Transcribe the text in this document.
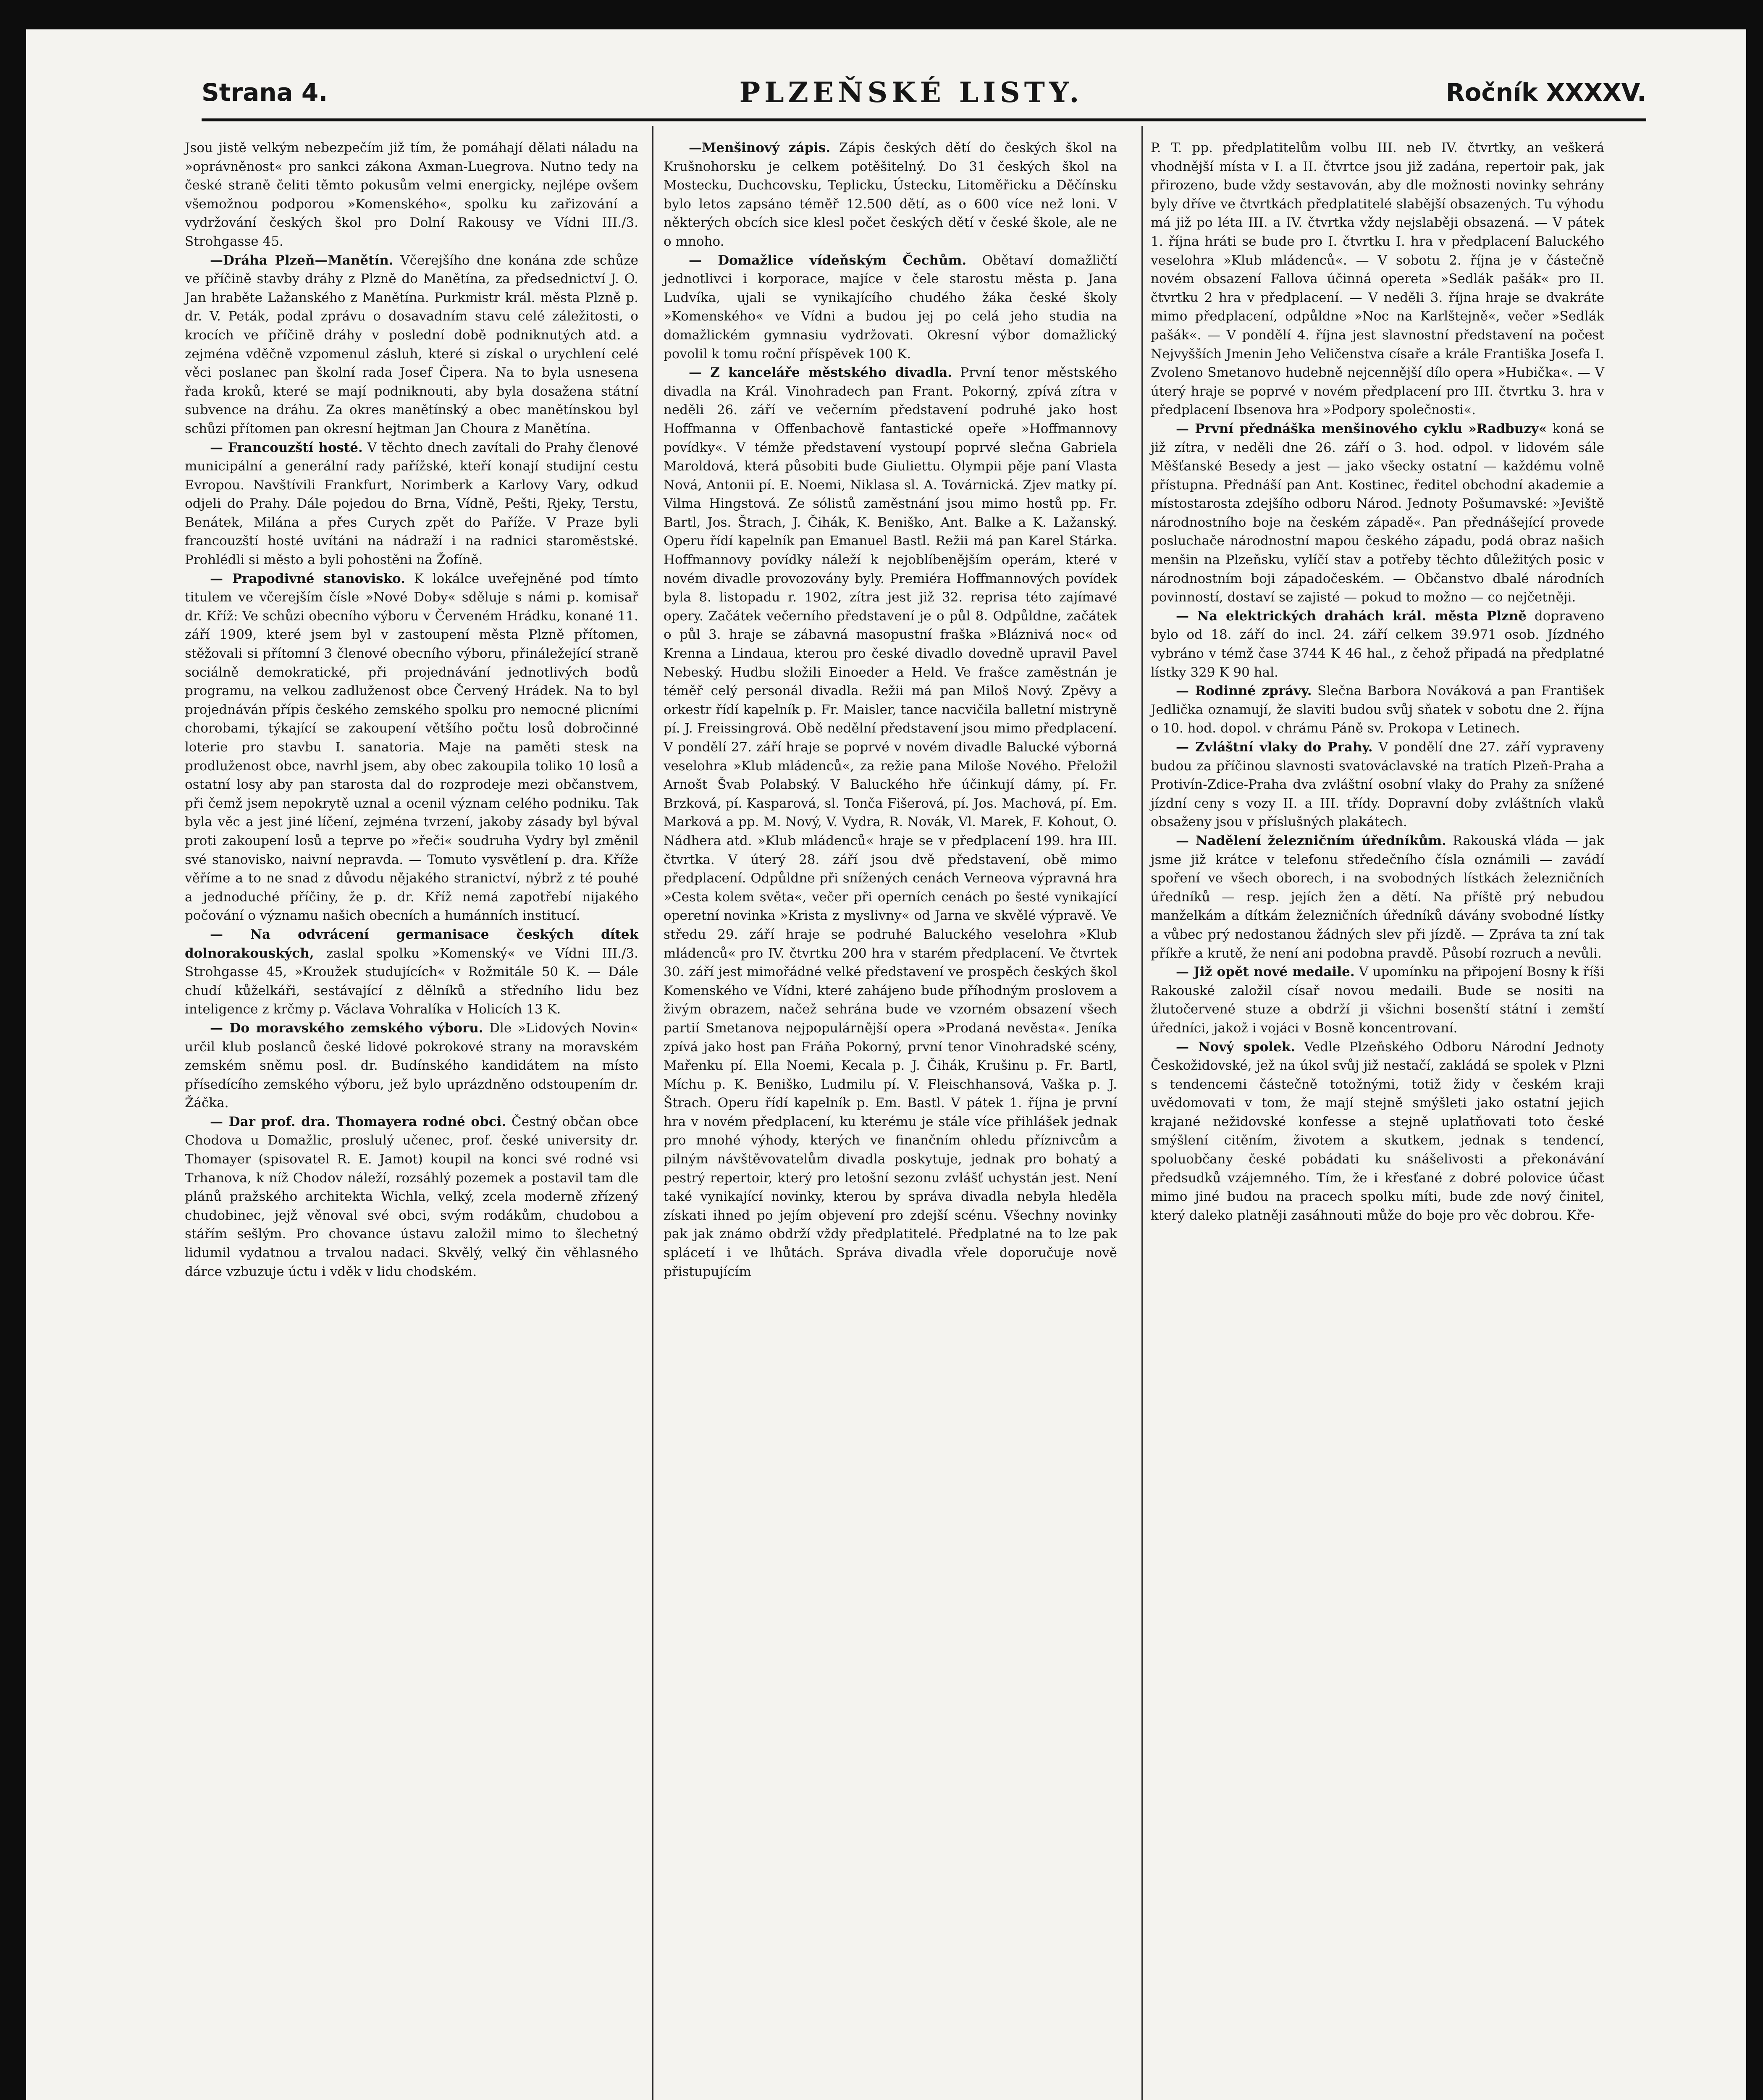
Strana 4.	PLZEŇSKÉ LISTY.	Ročník XXXXV.

Jsou jistě velkým nebezpečím již tím, že pomáhají dělati náladu na »oprávněnost« pro sankci zákona Axman-Luegrova. Nutno tedy na české straně čeliti těmto pokusům velmi energicky, nejlépe ovšem všemožnou podporou »Komenského«, spolku ku zařizování a vydržování českých škol pro Dolní Rakousy ve Vídni III./3. Strohgasse 45.

—Dráha Plzeň—Manětín. Včerejšího dne konána zde schůze ve příčině stavby dráhy z Plzně do Manětína, za předsednictví J. O. Jan hraběte Lažanského z Manětína. Purkmistr král. města Plzně p. dr. V. Peták, podal zprávu o dosavadním stavu celé záležitosti, o krocích ve příčině dráhy v poslední době podniknutých atd. a zejména vděčně vzpomenul zásluh, které si získal o urychlení celé věci poslanec pan školní rada Josef Čipera. Na to byla usnesena řada kroků, které se mají podniknouti, aby byla dosažena státní subvence na dráhu. Za okres manětínský a obec manětínskou byl schůzi přítomen pan okresní hejtman Jan Choura z Manětína.

— Francouzští hosté. V těchto dnech zavítali do Prahy členové municipální a generální rady pařížské, kteří konají studijní cestu Evropou. Navštívili Frankfurt, Norimberk a Karlovy Vary, odkud odjeli do Prahy. Dále pojedou do Brna, Vídně, Pešti, Rjeky, Terstu, Benátek, Milána a přes Curych zpět do Paříže. V Praze byli francouzští hosté uvítáni na nádraží i na radnici staroměstské. Prohlédli si město a byli pohostěni na Žofíně.

— Prapodivné stanovisko. K lokálce uveřejněné pod tímto titulem ve včerejším čísle »Nové Doby« sděluje s námi p. komisař dr. Kříž: Ve schůzi obecního výboru v Červeném Hrádku, konané 11. září 1909, které jsem byl v zastoupení města Plzně přítomen, stěžovali si přítomní 3 členové obecního výboru, přináležející straně sociálně demokratické, při projednávání jednotlivých bodů programu, na velkou zadluženost obce Červený Hrádek. Na to byl projednáván přípis českého zemského spolku pro nemocné plicními chorobami, týkající se zakoupení většího počtu losů dobročinné loterie pro stavbu I. sanatoria. Maje na paměti stesk na prodluženost obce, navrhl jsem, aby obec zakoupila toliko 10 losů a ostatní losy aby pan starosta dal do rozprodeje mezi občanstvem, při čemž jsem nepokrytě uznal a ocenil význam celého podniku. Tak byla věc a jest jiné líčení, zejména tvrzení, jakoby zásady byl býval proti zakoupení losů a teprve po »řeči« soudruha Vydry byl změnil své stanovisko, naivní nepravda. — Tomuto vysvětlení p. dra. Kříže věříme a to ne snad z důvodu nějakého stranictví, nýbrž z té pouhé a jednoduché příčiny, že p. dr. Kříž nemá zapotřebí nijakého počování o významu našich obecních a humánních institucí.

— Na odvrácení germanisace českých dítek dolnorakouských, zaslal spolku »Komenský« ve Vídni III./3. Strohgasse 45, »Kroužek studujících« v Rožmitále 50 K. — Dále chudí kůželkáři, sestávající z dělníků a středního lidu bez inteligence z krčmy p. Václava Vohralíka v Holicích 13 K.

— Do moravského zemského výboru. Dle »Lidových Novin« určil klub poslanců české lidové pokrokové strany na moravském zemském sněmu posl. dr. Budínského kandidátem na místo přísedícího zemského výboru, jež bylo uprázdněno odstoupením dr. Žáčka.

— Dar prof. dra. Thomayera rodné obci. Čestný občan obce Chodova u Domažlic, proslulý učenec, prof. české university dr. Thomayer (spisovatel R. E. Jamot) koupil na konci své rodné vsi Trhanova, k níž Chodov náleží, rozsáhlý pozemek a postavil tam dle plánů pražského architekta Wichla, velký, zcela moderně zřízený chudobinec, jejž věnoval své obci, svým rodákům, chudobou a stářím sešlým. Pro chovance ústavu založil mimo to šlechetný lidumil vydatnou a trvalou nadaci. Skvělý, velký čin věhlasného dárce vzbuzuje úctu i vděk v lidu chodském.

—Menšinový zápis. Zápis českých dětí do českých škol na Krušnohorsku je celkem potěšitelný. Do 31 českých škol na Mostecku, Duchcovsku, Teplicku, Ústecku, Litoměřicku a Děčínsku bylo letos zapsáno téměř 12.500 dětí, as o 600 více než loni. V některých obcích sice klesl počet českých dětí v české škole, ale ne o mnoho.

— Domažlice vídeňským Čechům. Obětaví domažličtí jednotlivci i korporace, majíce v čele starostu města p. Jana Ludvíka, ujali se vynikajícího chudého žáka české školy »Komenského« ve Vídni a budou jej po celá jeho studia na domažlickém gymnasiu vydržovati. Okresní výbor domažlický povolil k tomu roční příspěvek 100 K.

— Z kanceláře městského divadla. První tenor městského divadla na Král. Vinohradech pan Frant. Pokorný, zpívá zítra v neděli 26. září ve večerním představení podruhé jako host Hoffmanna v Offenbachově fantastické opeře »Hoffmannovy povídky«. V témže představení vystoupí poprvé slečna Gabriela Maroldová, která působiti bude Giuliettu. Olympii pěje paní Vlasta Nová, Antonii pí. E. Noemi, Niklasa sl. A. Továrnická. Zjev matky pí. Vilma Hingstová. Ze sólistů zaměstnání jsou mimo hostů pp. Fr. Bartl, Jos. Štrach, J. Čihák, K. Beniško, Ant. Balke a K. Lažanský. Operu řídí kapelník pan Emanuel Bastl. Režii má pan Karel Stárka. Hoffmannovy povídky náleží k nejoblíbenějším operám, které v novém divadle provozovány byly. Premiéra Hoffmannových povídek byla 8. listopadu r. 1902, zítra jest již 32. reprisa této zajímavé opery. Začátek večerního představení je o půl 8. Odpůldne, začátek o půl 3. hraje se zábavná masopustní fraška »Bláznivá noc« od Krenna a Lindaua, kterou pro české divadlo dovedně upravil Pavel Nebeský. Hudbu složili Einoeder a Held. Ve frašce zaměstnán je téměř celý personál divadla. Režii má pan Miloš Nový. Zpěvy a orkestr řídí kapelník p. Fr. Maisler, tance nacvičila balletní mistryně pí. J. Freissingrová. Obě nedělní představení jsou mimo předplacení. V pondělí 27. září hraje se poprvé v novém divadle Balucké výborná veselohra »Klub mládenců«, za režie pana Miloše Nového. Přeložil Arnošt Švab Polabský. V Baluckého hře účinkují dámy, pí. Fr. Brzková, pí. Kasparová, sl. Tonča Fišerová, pí. Jos. Machová, pí. Em. Marková a pp. M. Nový, V. Vydra, R. Novák, Vl. Marek, F. Kohout, O. Nádhera atd. »Klub mládenců« hraje se v předplacení 199. hra III. čtvrtka. V úterý 28. září jsou dvě představení, obě mimo předplacení. Odpůldne při snížených cenách Verneova výpravná hra »Cesta kolem světa«, večer při operních cenách po šesté vynikající operetní novinka »Krista z myslivny« od Jarna ve skvělé výpravě. Ve středu 29. září hraje se podruhé Baluckého veselohra »Klub mládenců« pro IV. čtvrtku 200 hra v starém předplacení. Ve čtvrtek 30. září jest mimořádné velké představení ve prospěch českých škol Komenského ve Vídni, které zahájeno bude příhodným proslovem a živým obrazem, načež sehrána bude ve vzorném obsazení všech partií Smetanova nejpopulárnější opera »Prodaná nevěsta«. Jeníka zpívá jako host pan Fráňa Pokorný, první tenor Vinohradské scény, Mařenku pí. Ella Noemi, Kecala p. J. Čihák, Krušinu p. Fr. Bartl, Míchu p. K. Beniško, Ludmilu pí. V. Fleischhansová, Vaška p. J. Štrach. Operu řídí kapelník p. Em. Bastl. V pátek 1. října je první hra v novém předplacení, ku kterému je stále více přihlášek jednak pro mnohé výhody, kterých ve finančním ohledu příznivcům a pilným návštěvovatelům divadla poskytuje, jednak pro bohatý a pestrý repertoir, který pro letošní sezonu zvlášť uchystán jest. Není také vynikající novinky, kterou by správa divadla nebyla hleděla získati ihned po jejím objevení pro zdejší scénu. Všechny novinky pak jak známo obdrží vždy předplatitelé. Předplatné na to lze pak splácetí i ve lhůtách. Správa divadla vřele doporučuje nově přistupujícím

P. T. pp. předplatitelům volbu III. neb IV. čtvrtky, an veškerá vhodnější místa v I. a II. čtvrtce jsou již zadána, repertoir pak, jak přirozeno, bude vždy sestavován, aby dle možnosti novinky sehrány byly dříve ve čtvrtkách předplatitelé slabější obsazených. Tu výhodu má již po léta III. a IV. čtvrtka vždy nejslaběji obsazená. — V pátek 1. října hráti se bude pro I. čtvrtku I. hra v předplacení Baluckého veselohra »Klub mládenců«. — V sobotu 2. října je v částečně novém obsazení Fallova účinná opereta »Sedlák pašák« pro II. čtvrtku 2 hra v předplacení. — V neděli 3. října hraje se dvakráte mimo předplacení, odpůldne »Noc na Karlštejně«, večer »Sedlák pašák«. — V pondělí 4. října jest slavnostní představení na počest Nejvyšších Jmenin Jeho Veličenstva císaře a krále Františka Josefa I. Zvoleno Smetanovo hudebně nejcennější dílo opera »Hubička«. — V úterý hraje se poprvé v novém předplacení pro III. čtvrtku 3. hra v předplacení Ibsenova hra »Podpory společnosti«.

— První přednáška menšinového cyklu »Radbuzy« koná se již zítra, v neděli dne 26. září o 3. hod. odpol. v lidovém sále Měšťanské Besedy a jest — jako všecky ostatní — každému volně přístupna. Přednáší pan Ant. Kostinec, ředitel obchodní akademie a místostarosta zdejšího odboru Národ. Jednoty Pošumavské: »Jeviště národnostního boje na českém západě«. Pan přednášející provede posluchače národnostní mapou českého západu, podá obraz našich menšin na Plzeňsku, vylíčí stav a potřeby těchto důležitých posic v národnostním boji západočeském. — Občanstvo dbalé národních povinností, dostaví se zajisté — pokud to možno — co nejčetněji.

— Na elektrických drahách král. města Plzně dopraveno bylo od 18. září do incl. 24. září celkem 39.971 osob. Jízdného vybráno v témž čase 3744 K 46 hal., z čehož připadá na předplatné lístky 329 K 90 hal.

— Rodinné zprávy. Slečna Barbora Nováková a pan František Jedlička oznamují, že slaviti budou svůj sňatek v sobotu dne 2. října o 10. hod. dopol. v chrámu Páně sv. Prokopa v Letinech.

— Zvláštní vlaky do Prahy. V pondělí dne 27. září vypraveny budou za příčinou slavnosti svatováclavské na tratích Plzeň-Praha a Protivín-Zdice-Praha dva zvláštní osobní vlaky do Prahy za snížené jízdní ceny s vozy II. a III. třídy. Dopravní doby zvláštních vlaků obsaženy jsou v příslušných plakátech.

— Nadělení železničním úředníkům. Rakouská vláda — jak jsme již krátce v telefonu středečního čísla oznámili — zavádí spoření ve všech oborech, i na svobodných lístkách železničních úředníků — resp. jejích žen a dětí. Na příště prý nebudou manželkám a dítkám železničních úředníků dávány svobodné lístky a vůbec prý nedostanou žádných slev při jízdě. — Zpráva ta zní tak příkře a krutě, že není ani podobna pravdě. Působí rozruch a nevůli.

— Již opět nové medaile. V upomínku na připojení Bosny k říši Rakouské založil císař novou medaili. Bude se nositi na žlutočervené stuze a obdrží ji všichni bosenští státní i zemští úředníci, jakož i vojáci v Bosně koncentrovaní.

— Nový spolek. Vedle Plzeňského Odboru Národní Jednoty Českožidovské, jež na úkol svůj již nestačí, zakládá se spolek v Plzni s tendencemi částečně totožnými, totiž židy v českém kraji uvědomovati v tom, že mají stejně smýšleti jako ostatní jejich krajané nežidovské konfesse a stejně uplatňovati toto české smýšlení citěním, životem a skutkem, jednak s tendencí, spoluobčany české pobádati ku snášelivosti a překonávání předsudků vzájemného. Tím, že i křesťané z dobré polovice účast mimo jiné budou na pracech spolku míti, bude zde nový činitel, který daleko platněji zasáhnouti může do boje pro věc dobrou. Kře-
